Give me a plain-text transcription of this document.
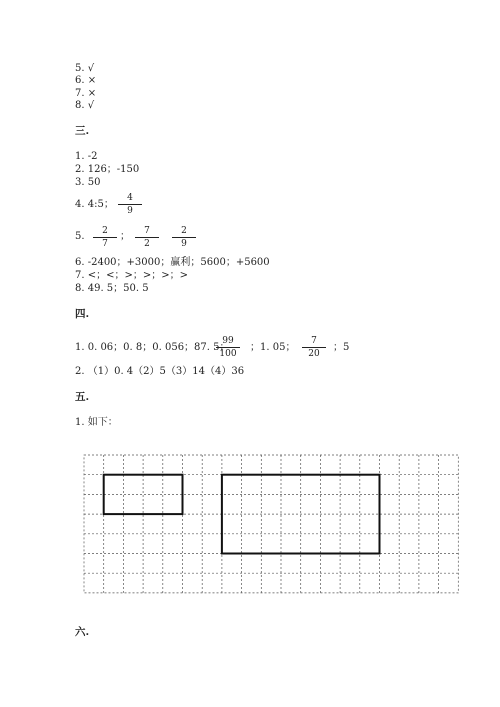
5. √
6. ×
7. ×
8. √
三.
1. -2
2. 126；-150
3. 50
4. 4:5； $\frac{4}{9}$
5. $\frac{2}{7}$ ； $\frac{7}{2} \frac{2}{9}$
6. -2400；+3000；赢利；5600；+5600
7. <；<；>；>；>；>
8. 49. 5；50. 5
四.
1. 0. 06；0. 8；0. 056；87. 5；
$\frac{99}{100}$ ；1. 05； $\frac{7}{20}$ ；5
2. （1）0. 4（2）5（3）14（4）36
五.
1. 如下：
六.
